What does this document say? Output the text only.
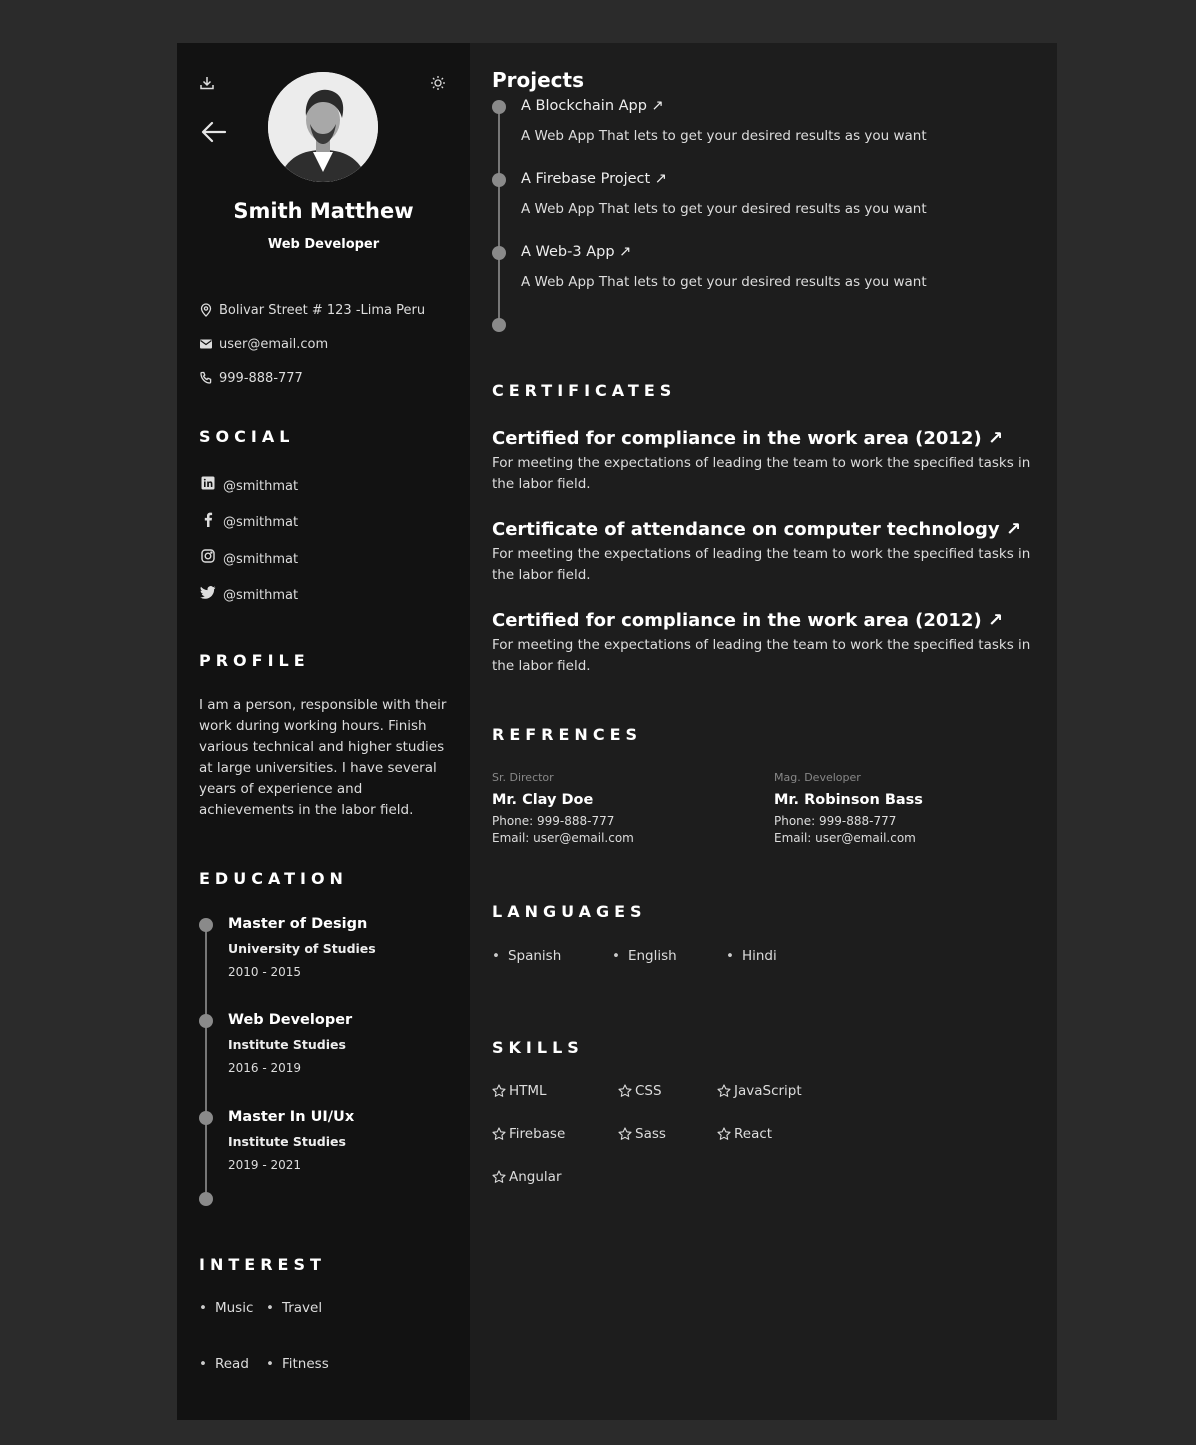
Smith Matthew
Web Developer
Bolivar Street # 123 -Lima Peru
user@email.com
999-888-777
SOCIAL
@smithmat
@smithmat
@smithmat
@smithmat
PROFILE
I am a person, responsible with their work during working hours. Finish various technical and higher studies at large universities. I have several years of experience and achievements in the labor field.
EDUCATION
Master of Design
University of Studies
2010 - 2015
Web Developer
Institute Studies
2016 - 2019
Master In UI/Ux
Institute Studies
2019 - 2021
INTEREST
• Music	• Travel
• Read	• Fitness
Projects
A Blockchain App ↗
A Web App That lets to get your desired results as you want
A Firebase Project ↗
A Web App That lets to get your desired results as you want
A Web-3 App ↗
A Web App That lets to get your desired results as you want
CERTIFICATES
Certified for compliance in the work area (2012) ↗
For meeting the expectations of leading the team to work the specified tasks in the labor field.
Certificate of attendance on computer technology ↗
For meeting the expectations of leading the team to work the specified tasks in the labor field.
Certified for compliance in the work area (2012) ↗
For meeting the expectations of leading the team to work the specified tasks in the labor field.
REFRENCES
Sr. Director
Mr. Clay Doe
Phone: 999-888-777
Email: user@email.com
Mag. Developer
Mr. Robinson Bass
Phone: 999-888-777
Email: user@email.com
LANGUAGES
• Spanish	• English	• Hindi
SKILLS
HTML	CSS	JavaScript
Firebase	Sass	React
Angular
